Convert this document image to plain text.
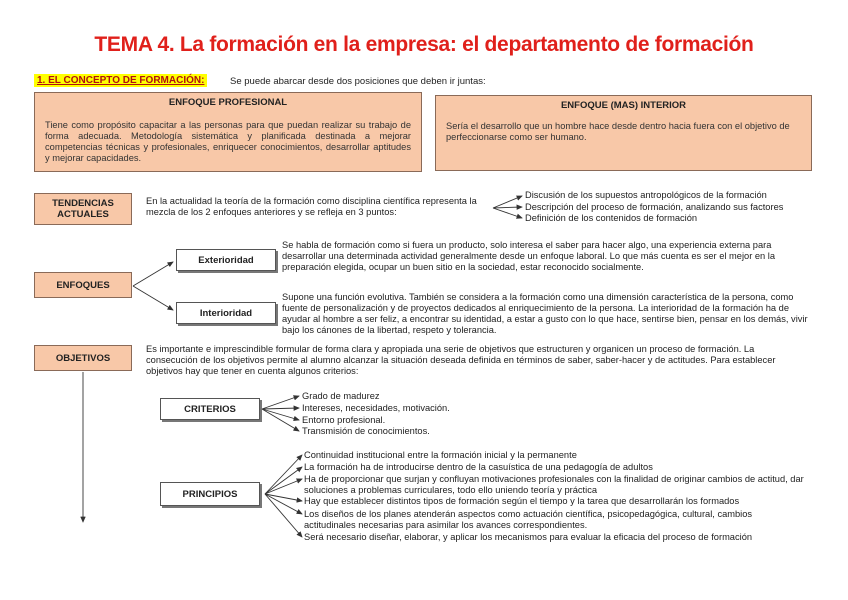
TEMA 4. La formación en la empresa: el departamento de formación
1. EL CONCEPTO DE FORMACIÓN:	Se puede abarcar desde dos posiciones que deben ir juntas:
ENFOQUE PROFESIONAL
Tiene como propósito capacitar a las personas para que puedan realizar su trabajo de forma adecuada. Metodología sistemática y planificada destinada a mejorar competencias técnicas y profesionales, enriquecer conocimientos, desarrollar aptitudes y mejorar capacidades.
ENFOQUE (MAS) INTERIOR
Sería el desarrollo que un hombre hace desde dentro hacia fuera con el objetivo de perfeccionarse como ser humano.
TENDENCIAS
ACTUALES
En la actualidad la teoría de la formación como disciplina científica representa la mezcla de los 2 enfoques anteriores y se refleja en 3 puntos:
Discusión de los supuestos antropológicos de la formación
Descripción del proceso de formación, analizando sus factores
Definición de los contenidos de formación
ENFOQUES
Exterioridad
Se habla de formación como si fuera un producto, solo interesa el saber para hacer algo, una experiencia externa para desarrollar una determinada actividad generalmente desde un enfoque laboral. Lo que más cuenta es ser el mejor en la preparación elegida, ocupar un buen sitio en la sociedad, estar reconocido socialmente.
Interioridad
Supone una función evolutiva. También se considera a la formación como una dimensión característica de la persona, como fuente de personalización y de proyectos dedicados al enriquecimiento de la persona. La interioridad de la formación ha de ayudar al hombre a ser feliz, a encontrar su identidad, a estar a gusto con lo que hace, sentirse bien, pensar en los demás, vivir bajo los cánones de la libertad, respeto y tolerancia.
OBJETIVOS
Es importante e imprescindible formular de forma clara y apropiada una serie de objetivos que estructuren y organicen un proceso de formación. La consecución de los objetivos permite al alumno alcanzar la situación deseada definida en términos de saber, saber-hacer y de actitudes. Para establecer objetivos hay que tener en cuenta algunos criterios:
CRITERIOS
Grado de madurez
Intereses, necesidades, motivación.
Entorno profesional.
Transmisión de conocimientos.
PRINCIPIOS
Continuidad institucional entre la formación inicial y la permanente
La formación ha de introducirse dentro de la casuística de una pedagogía de adultos
Ha de proporcionar que surjan y confluyan motivaciones profesionales con la finalidad de originar cambios de actitud, dar soluciones a problemas curriculares, todo ello uniendo teoría y práctica
Hay que establecer distintos tipos de formación según el tiempo y la tarea que desarrollarán los formados
Los diseños de los planes atenderán aspectos como actuación científica, psicopedagógica, cultural, cambios actitudinales necesarias para asimilar los avances correspondientes.
Será necesario diseñar, elaborar, y aplicar los mecanismos para evaluar la eficacia del proceso de formación
